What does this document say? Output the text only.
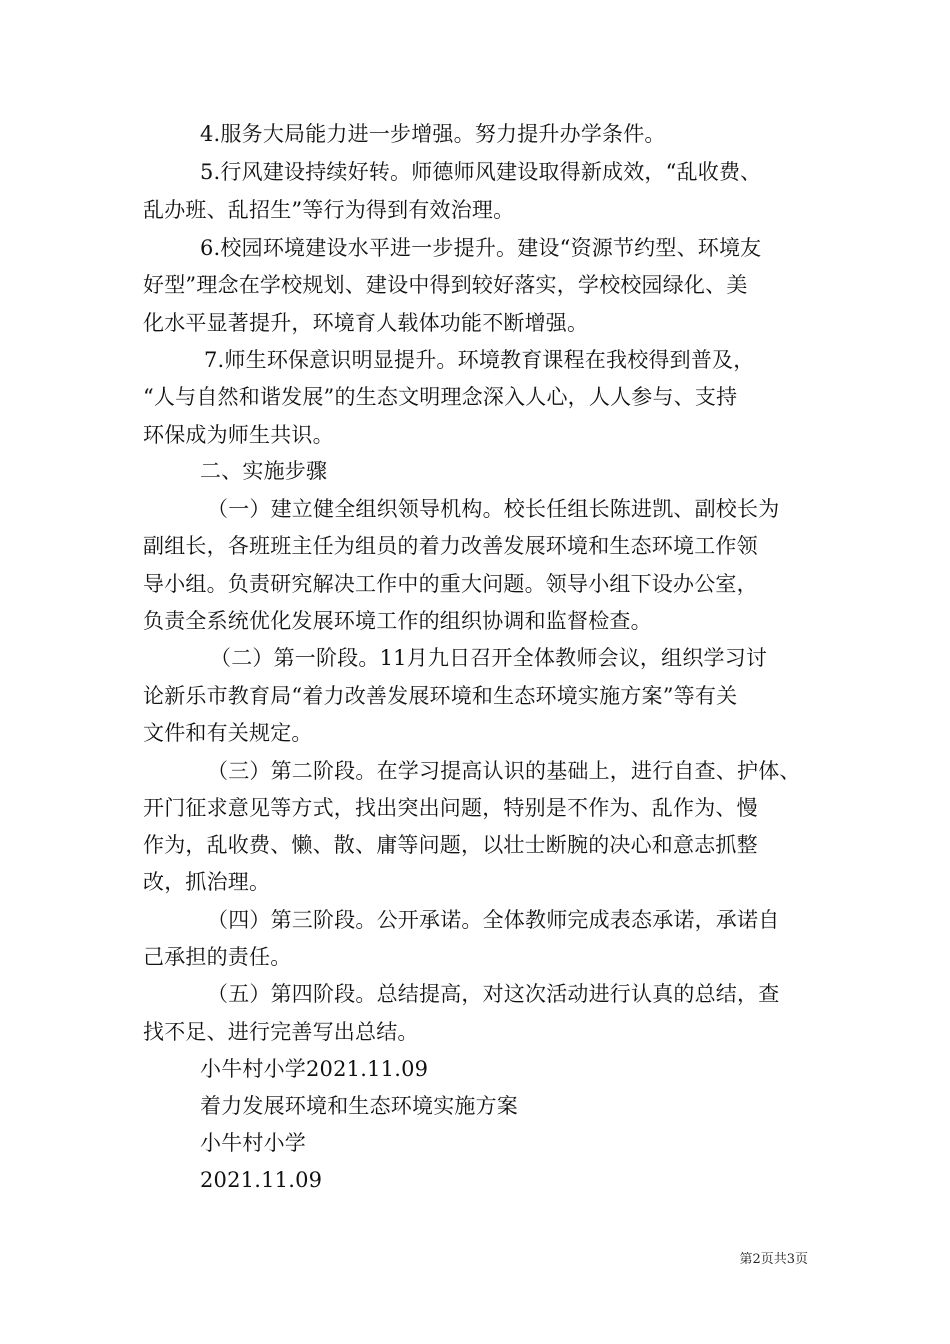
4.服务大局能力进一步增强。努力提升办学条件。
5.行风建设持续好转。师德师风建设取得新成效，“乱收费、
乱办班、乱招生”等行为得到有效治理。
6.校园环境建设水平进一步提升。建设“资源节约型、环境友
好型”理念在学校规划、建设中得到较好落实，学校校园绿化、美
化水平显著提升，环境育人载体功能不断增强。
7.师生环保意识明显提升。环境教育课程在我校得到普及，
“人与自然和谐发展”的生态文明理念深入人心，人人参与、支持
环保成为师生共识。
二、实施步骤
（一）建立健全组织领导机构。校长任组长陈进凯、副校长为
副组长，各班班主任为组员的着力改善发展环境和生态环境工作领
导小组。负责研究解决工作中的重大问题。领导小组下设办公室，
负责全系统优化发展环境工作的组织协调和监督检查。
（二）第一阶段。11月九日召开全体教师会议，组织学习讨
论新乐市教育局“着力改善发展环境和生态环境实施方案”等有关
文件和有关规定。
（三）第二阶段。在学习提高认识的基础上，进行自查、护体、
开门征求意见等方式，找出突出问题，特别是不作为、乱作为、慢
作为，乱收费、懒、散、庸等问题，以壮士断腕的决心和意志抓整
改，抓治理。
（四）第三阶段。公开承诺。全体教师完成表态承诺，承诺自
己承担的责任。
（五）第四阶段。总结提高，对这次活动进行认真的总结，查
找不足、进行完善写出总结。
小牛村小学2021.11.09
着力发展环境和生态环境实施方案
小牛村小学
2021.11.09
第2页共3页
